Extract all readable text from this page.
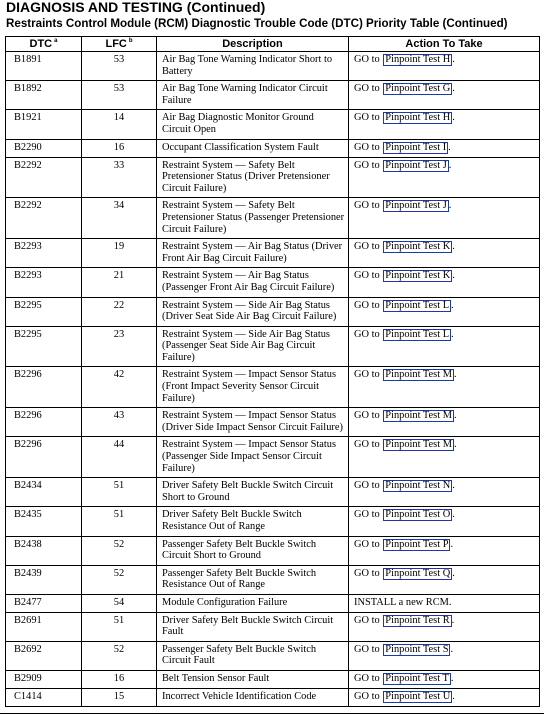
DIAGNOSIS AND TESTING (Continued)
Restraints Control Module (RCM) Diagnostic Trouble Code (DTC) Priority Table (Continued)
DTC $^a$	LFC $^b$	Description	Action To Take
B1891	53	Air Bag Tone Warning Indicator Short to Battery	GO to Pinpoint Test H .
B1892	53	Air Bag Tone Warning Indicator Circuit Failure	GO to Pinpoint Test G .
B1921	14	Air Bag Diagnostic Monitor Ground Circuit Open	GO to Pinpoint Test H .
B2290	16	Occupant Classification System Fault	GO to Pinpoint Test I .
B2292	33	Restraint System — Safety Belt Pretensioner Status (Driver Pretensioner Circuit Failure)	GO to Pinpoint Test J .
B2292	34	Restraint System — Safety Belt Pretensioner Status (Passenger Pretensioner Circuit Failure)	GO to Pinpoint Test J .
B2293	19	Restraint System — Air Bag Status (Driver Front Air Bag Circuit Failure)	GO to Pinpoint Test K .
B2293	21	Restraint System — Air Bag Status (Passenger Front Air Bag Circuit Failure)	GO to Pinpoint Test K .
B2295	22	Restraint System — Side Air Bag Status (Driver Seat Side Air Bag Circuit Failure)	GO to Pinpoint Test L .
B2295	23	Restraint System — Side Air Bag Status (Passenger Seat Side Air Bag Circuit Failure)	GO to Pinpoint Test L .
B2296	42	Restraint System — Impact Sensor Status (Front Impact Severity Sensor Circuit Failure)	GO to Pinpoint Test M .
B2296	43	Restraint System — Impact Sensor Status (Driver Side Impact Sensor Circuit Failure)	GO to Pinpoint Test M .
B2296	44	Restraint System — Impact Sensor Status (Passenger Side Impact Sensor Circuit Failure)	GO to Pinpoint Test M .
B2434	51	Driver Safety Belt Buckle Switch Circuit Short to Ground	GO to Pinpoint Test N .
B2435	51	Driver Safety Belt Buckle Switch Resistance Out of Range	GO to Pinpoint Test O .
B2438	52	Passenger Safety Belt Buckle Switch Circuit Short to Ground	GO to Pinpoint Test P .
B2439	52	Passenger Safety Belt Buckle Switch Resistance Out of Range	GO to Pinpoint Test Q .
B2477	54	Module Configuration Failure	INSTALL a new RCM.
B2691	51	Driver Safety Belt Buckle Switch Circuit Fault	GO to Pinpoint Test R .
B2692	52	Passenger Safety Belt Buckle Switch Circuit Fault	GO to Pinpoint Test S .
B2909	16	Belt Tension Sensor Fault	GO to Pinpoint Test T .
C1414	15	Incorrect Vehicle Identification Code	GO to Pinpoint Test U .
